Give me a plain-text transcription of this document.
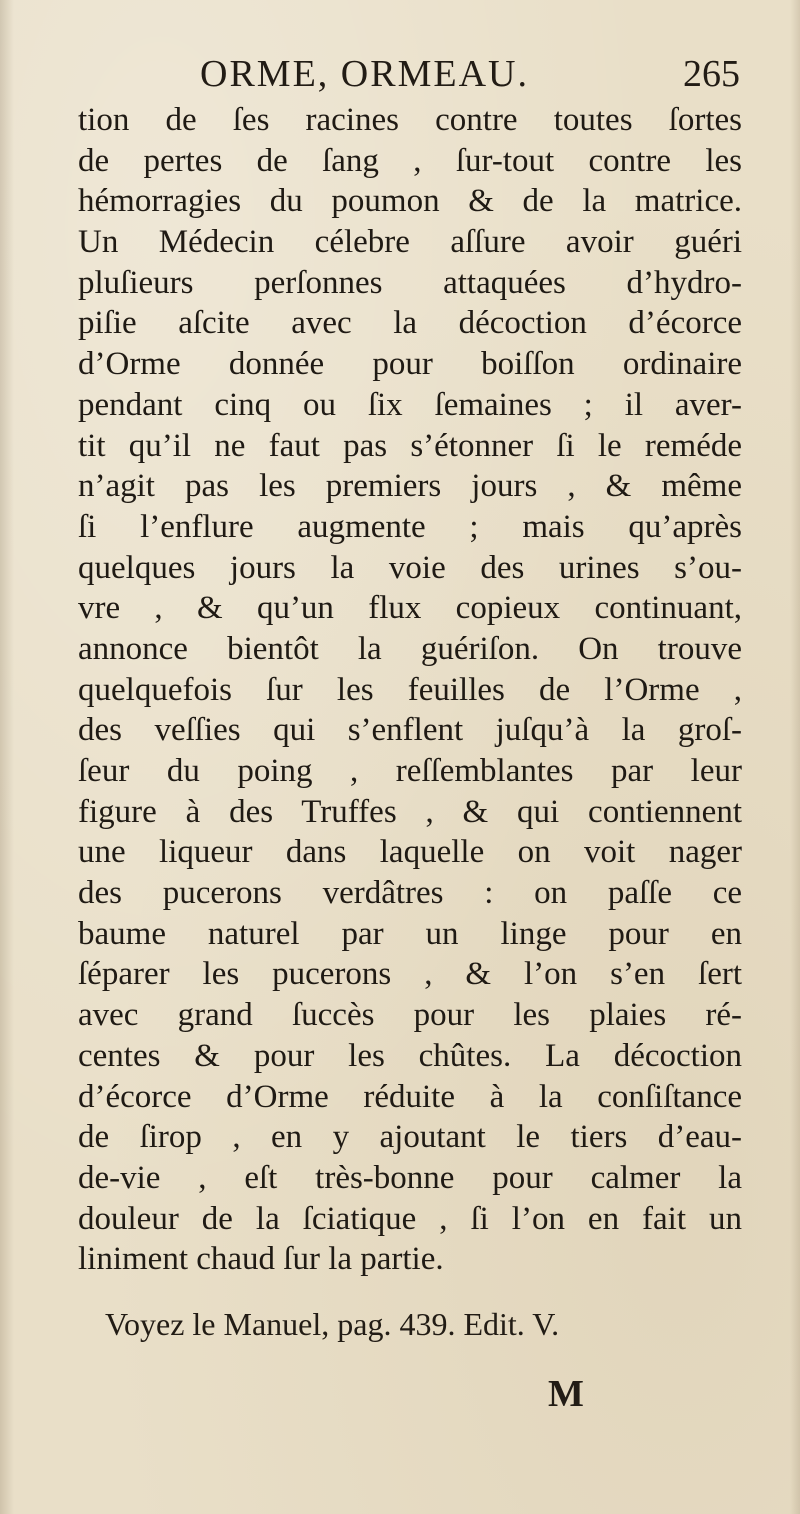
ORME, ORMEAU.	265
tion de ſes racines contre toutes ſortes
de pertes de ſang , ſur-tout contre les
hémorragies du poumon & de la matrice.
Un Médecin célebre aſſure avoir guéri
pluſieurs perſonnes attaquées d’hydro-
piſie aſcite avec la décoction d’écorce
d’Orme donnée pour boiſſon ordinaire
pendant cinq ou ſix ſemaines ; il aver-
tit qu’il ne faut pas s’étonner ſi le reméde
n’agit pas les premiers jours , & même
ſi l’enflure augmente ; mais qu’après
quelques jours la voie des urines s’ou-
vre , & qu’un flux copieux continuant,
annonce bientôt la guériſon. On trouve
quelquefois ſur les feuilles de l’Orme ,
des veſſies qui s’enflent juſqu’à la groſ-
ſeur du poing , reſſemblantes par leur
figure à des Truffes , & qui contiennent
une liqueur dans laquelle on voit nager
des pucerons verdâtres : on paſſe ce
baume naturel par un linge pour en
ſéparer les pucerons , & l’on s’en ſert
avec grand ſuccès pour les plaies ré-
centes & pour les chûtes. La décoction
d’écorce d’Orme réduite à la conſiſtance
de ſirop , en y ajoutant le tiers d’eau-
de-vie , eſt très-bonne pour calmer la
douleur de la ſciatique , ſi l’on en fait un
liniment chaud ſur la partie.
Voyez le Manuel, pag. 439. Edit. V.
M
